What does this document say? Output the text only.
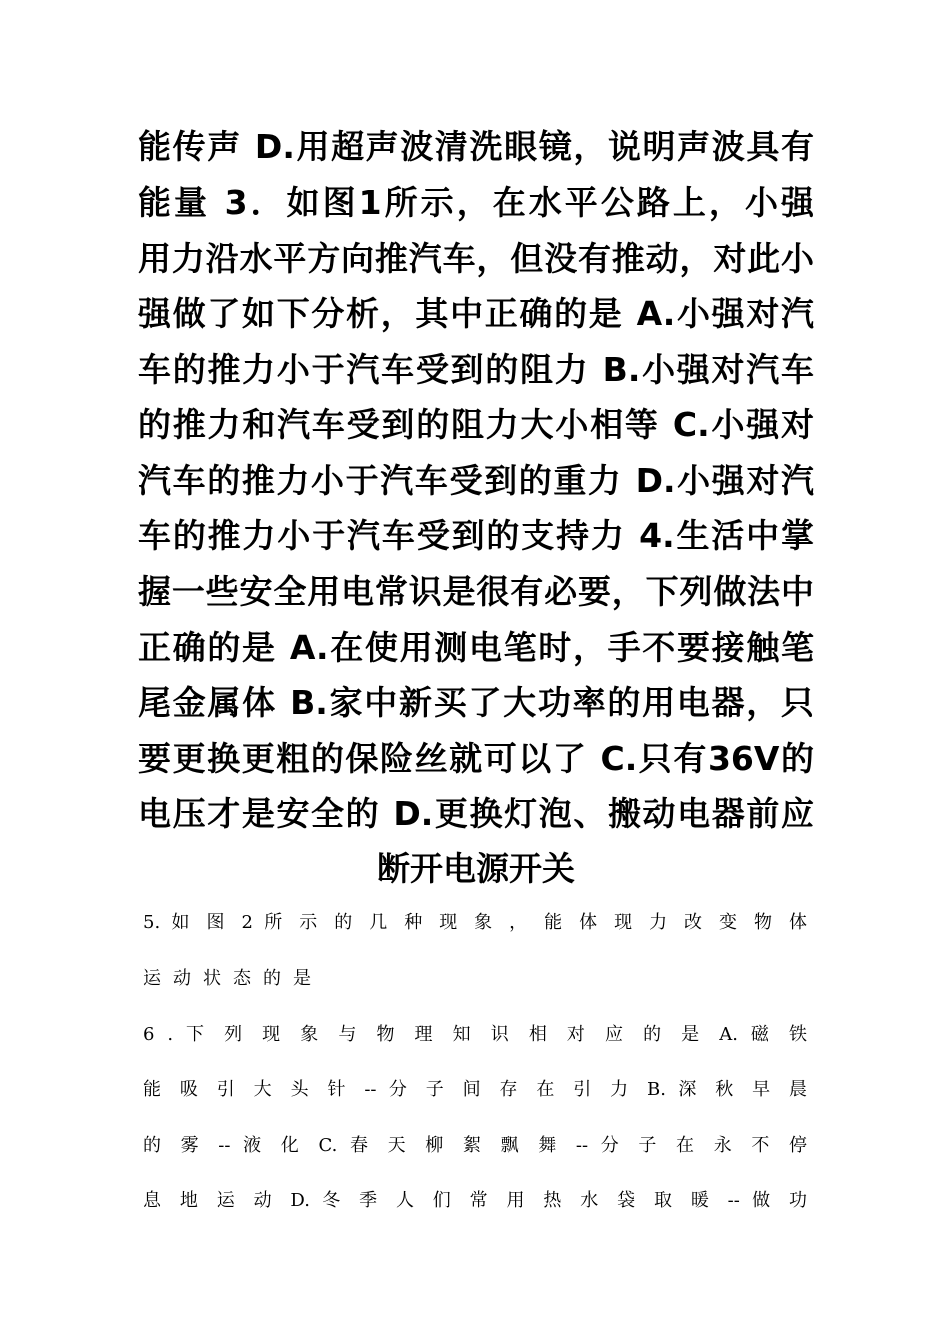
能传声 D.用超声波清洗眼镜，说明声波具有
能量 3．如图1所示，在水平公路上，小强
用力沿水平方向推汽车，但没有推动，对此小
强做了如下分析，其中正确的是 A.小强对汽
车的推力小于汽车受到的阻力 B.小强对汽车
的推力和汽车受到的阻力大小相等 C.小强对
汽车的推力小于汽车受到的重力 D.小强对汽
车的推力小于汽车受到的支持力 4.生活中掌
握一些安全用电常识是很有必要，下列做法中
正确的是 A.在使用测电笔时，手不要接触笔
尾金属体 B.家中新买了大功率的用电器，只
要更换更粗的保险丝就可以了 C.只有36V的
电压才是安全的 D.更换灯泡、搬动电器前应
断开电源开关
5. 如 图 2 所 示 的 几 种 现 象 ， 能 体 现 力 改 变 物 体
运动状态的是
6 . 下 列 现 象 与 物 理 知 识 相 对 应 的 是 A. 磁 铁
能 吸 引 大 头 针 -- 分 子 间 存 在 引 力 B. 深 秋 早 晨
的 雾 -- 液 化 C. 春 天 柳 絮 飘 舞 -- 分 子 在 永 不 停
息 地 运 动 D. 冬 季 人 们 常 用 热 水 袋 取 暖 -- 做 功
